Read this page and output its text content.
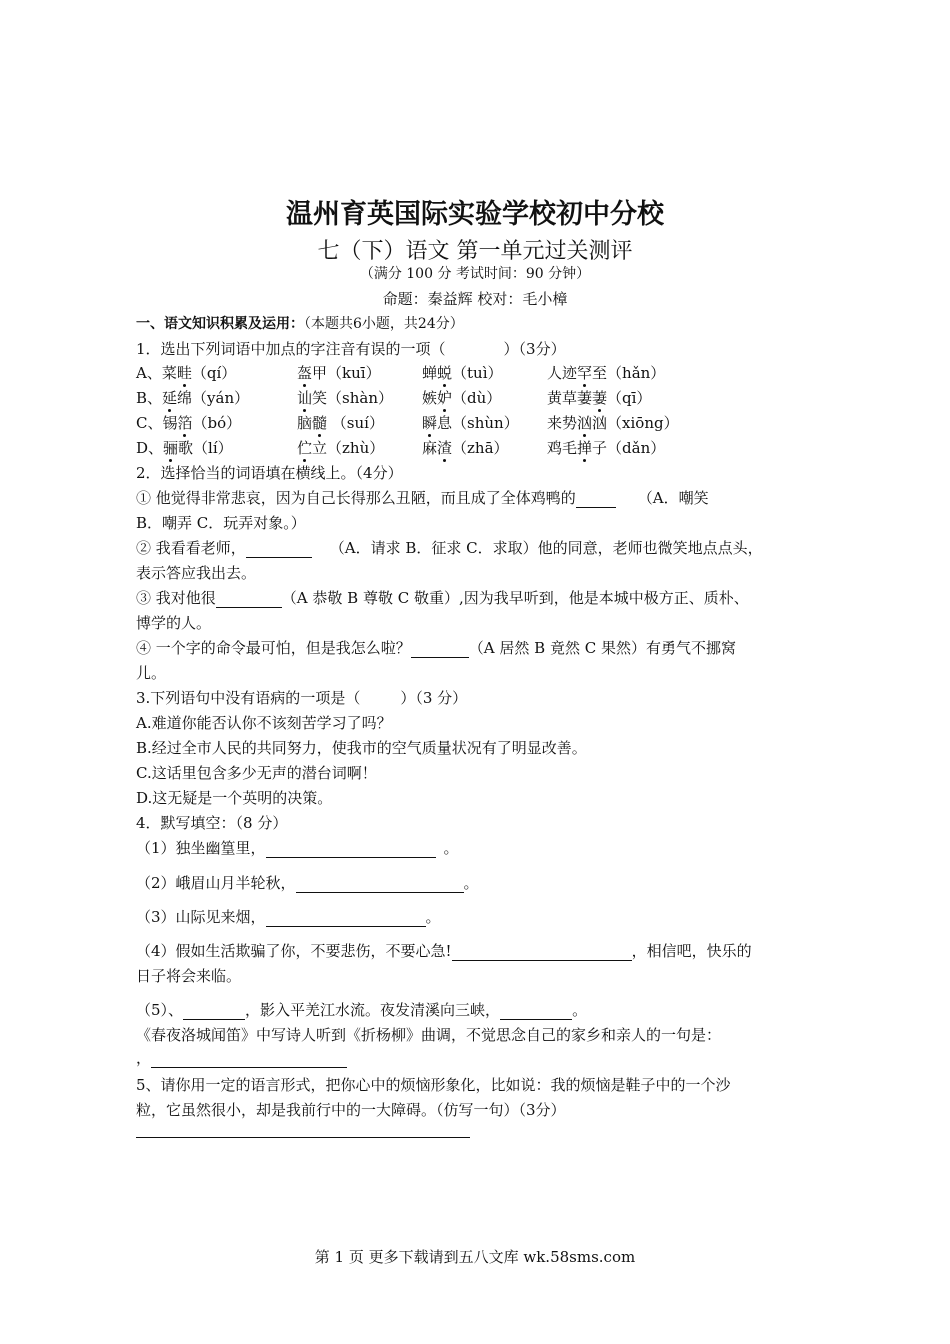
温州育英国际实验学校初中分校
七（下）语文 第一单元过关测评
（满分 100 分 考试时间：90 分钟）
命题：秦益辉 校对：毛小樟
一、语文知识积累及运用：（本题共6小题，共24分）
1．选出下列词语中加点的字注音有误的一项（	）（3分）
A、菜畦（qí）	盔甲（kuī）	蝉蜕（tuì）	人迹罕至（hǎn）
B、延绵（yán）	讪笑（shàn） 嫉妒（dù）	黄草萋萋（qī）
C、锡箔（bó）	脑髓 （suí）	瞬息（shùn） 来势汹汹（xiōng）
D、骊歌（lí）	伫立（zhù）	麻渣（zhā）	鸡毛掸子（dǎn）
2．选择恰当的词语填在横线上。（4分）
① 他觉得非常悲哀，因为自己长得那么丑陋，而且成了全体鸡鸭的	（A．嘲笑
B．嘲弄 C．玩弄对象。）
② 我看看老师，	（A．请求 B．征求 C．求取）他的同意，老师也微笑地点点头，
表示答应我出去。
③ 我对他很	（A 恭敬 B 尊敬 C 敬重）,因为我早听到，他是本城中极方正、质朴、
博学的人。
④ 一个字的命令最可怕，但是我怎么啦？	（A 居然 B 竟然 C 果然）有勇气不挪窝
儿。
3.下列语句中没有语病的一项是（	）（3 分）
A.难道你能否认你不该刻苦学习了吗？
B.经过全市人民的共同努力，使我市的空气质量状况有了明显改善。
C.这话里包含多少无声的潜台词啊！
D.这无疑是一个英明的决策。
4．默写填空：（8 分）
（1）独坐幽篁里，	。
（2）峨眉山月半轮秋，	。
（3）山际见来烟，	。
（4）假如生活欺骗了你，不要悲伤，不要心急!	，相信吧，快乐的
日子将会来临。
（5）、	，影入平羌江水流。夜发清溪向三峡，	。
《春夜洛城闻笛》中写诗人听到《折杨柳》曲调，不觉思念自己的家乡和亲人的一句是：
，
5、请你用一定的语言形式，把你心中的烦恼形象化，比如说：我的烦恼是鞋子中的一个沙
粒，它虽然很小，却是我前行中的一大障碍。（仿写一句）（3分）
第 1 页 更多下载请到五八文库 wk.58sms.com
